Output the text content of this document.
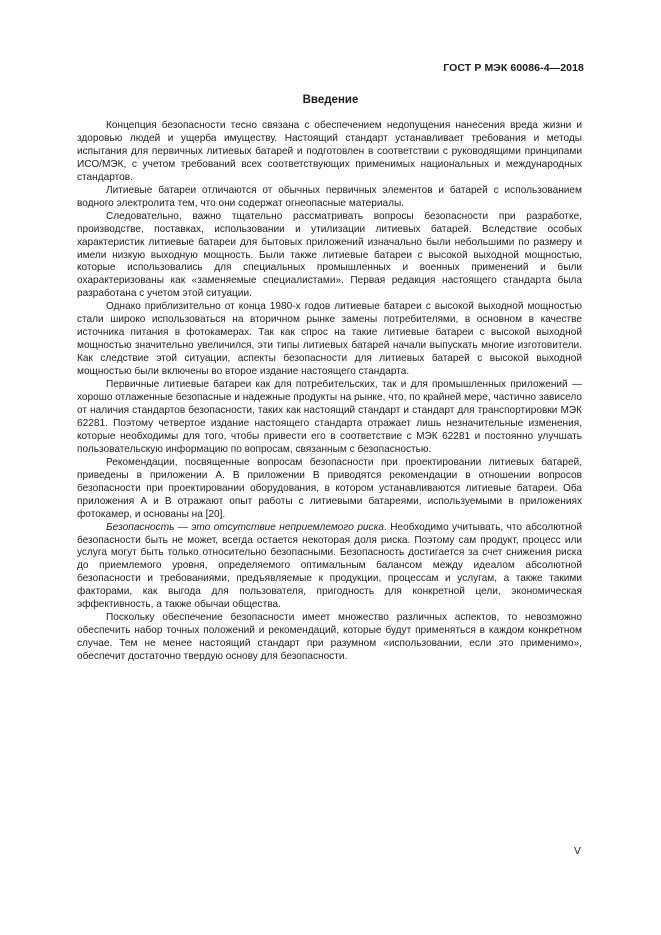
ГОСТ Р МЭК 60086-4—2018
Введение

Концепция безопасности тесно связана с обеспечением недопущения нанесения вреда жизни и здоровью людей и ущерба имуществу. Настоящий стандарт устанавливает требования и методы испытания для первичных литиевых батарей и подготовлен в соответствии с руководящими принципами ИСО/МЭК, с учетом требований всех соответствующих применимых национальных и международных стандартов.

Литиевые батареи отличаются от обычных первичных элементов и батарей с использованием водного электролита тем, что они содержат огнеопасные материалы.

Следовательно, важно тщательно рассматривать вопросы безопасности при разработке, производстве, поставках, использовании и утилизации литиевых батарей. Вследствие особых характеристик литиевые батареи для бытовых приложений изначально были небольшими по размеру и имели низкую выходную мощность. Были также литиевые батареи с высокой выходной мощностью, которые использовались для специальных промышленных и военных применений и были охарактеризованы как «заменяемые специалистами». Первая редакция настоящего стандарта была разработана с учетом этой ситуации.

Однако приблизительно от конца 1980-х годов литиевые батареи с высокой выходной мощностью стали широко использоваться на вторичном рынке замены потребителями, в основном в качестве источника питания в фотокамерах. Так как спрос на такие литиевые батареи с высокой выходной мощностью значительно увеличился, эти типы литиевых батарей начали выпускать многие изготовители. Как следствие этой ситуации, аспекты безопасности для литиевых батарей с высокой выходной мощностью были включены во второе издание настоящего стандарта.

Первичные литиевые батареи как для потребительских, так и для промышленных приложений — хорошо отлаженные безопасные и надежные продукты на рынке, что, по крайней мере, частично зависело от наличия стандартов безопасности, таких как настоящий стандарт и стандарт для транспортировки МЭК 62281. Поэтому четвертое издание настоящего стандарта отражает лишь незначительные изменения, которые необходимы для того, чтобы привести его в соответствие с МЭК 62281 и постоянно улучшать пользовательскую информацию по вопросам, связанным с безопасностью.

Рекомендации, посвященные вопросам безопасности при проектировании литиевых батарей, приведены в приложении А. В приложении В приводятся рекомендации в отношении вопросов безопасности при проектировании оборудования, в котором устанавливаются литиевые батареи. Оба приложения А и В отражают опыт работы с литиевыми батареями, используемыми в приложениях фотокамер, и основаны на [20].

Безопасность — это отсутствие неприемлемого риска. Необходимо учитывать, что абсолютной безопасности быть не может, всегда остается некоторая доля риска. Поэтому сам продукт, процесс или услуга могут быть только относительно безопасными. Безопасность достигается за счет снижения риска до приемлемого уровня, определяемого оптимальным балансом между идеалом абсолютной безопасности и требованиями, предъявляемые к продукции, процессам и услугам, а также такими факторами, как выгода для пользователя, пригодность для конкретной цели, экономическая эффективность, а также обычаи общества.

Поскольку обеспечение безопасности имеет множество различных аспектов, то невозможно обеспечить набор точных положений и рекомендаций, которые будут применяться в каждом конкретном случае. Тем не менее настоящий стандарт при разумном «использовании, если это применимо», обеспечит достаточно твердую основу для безопасности.

V
